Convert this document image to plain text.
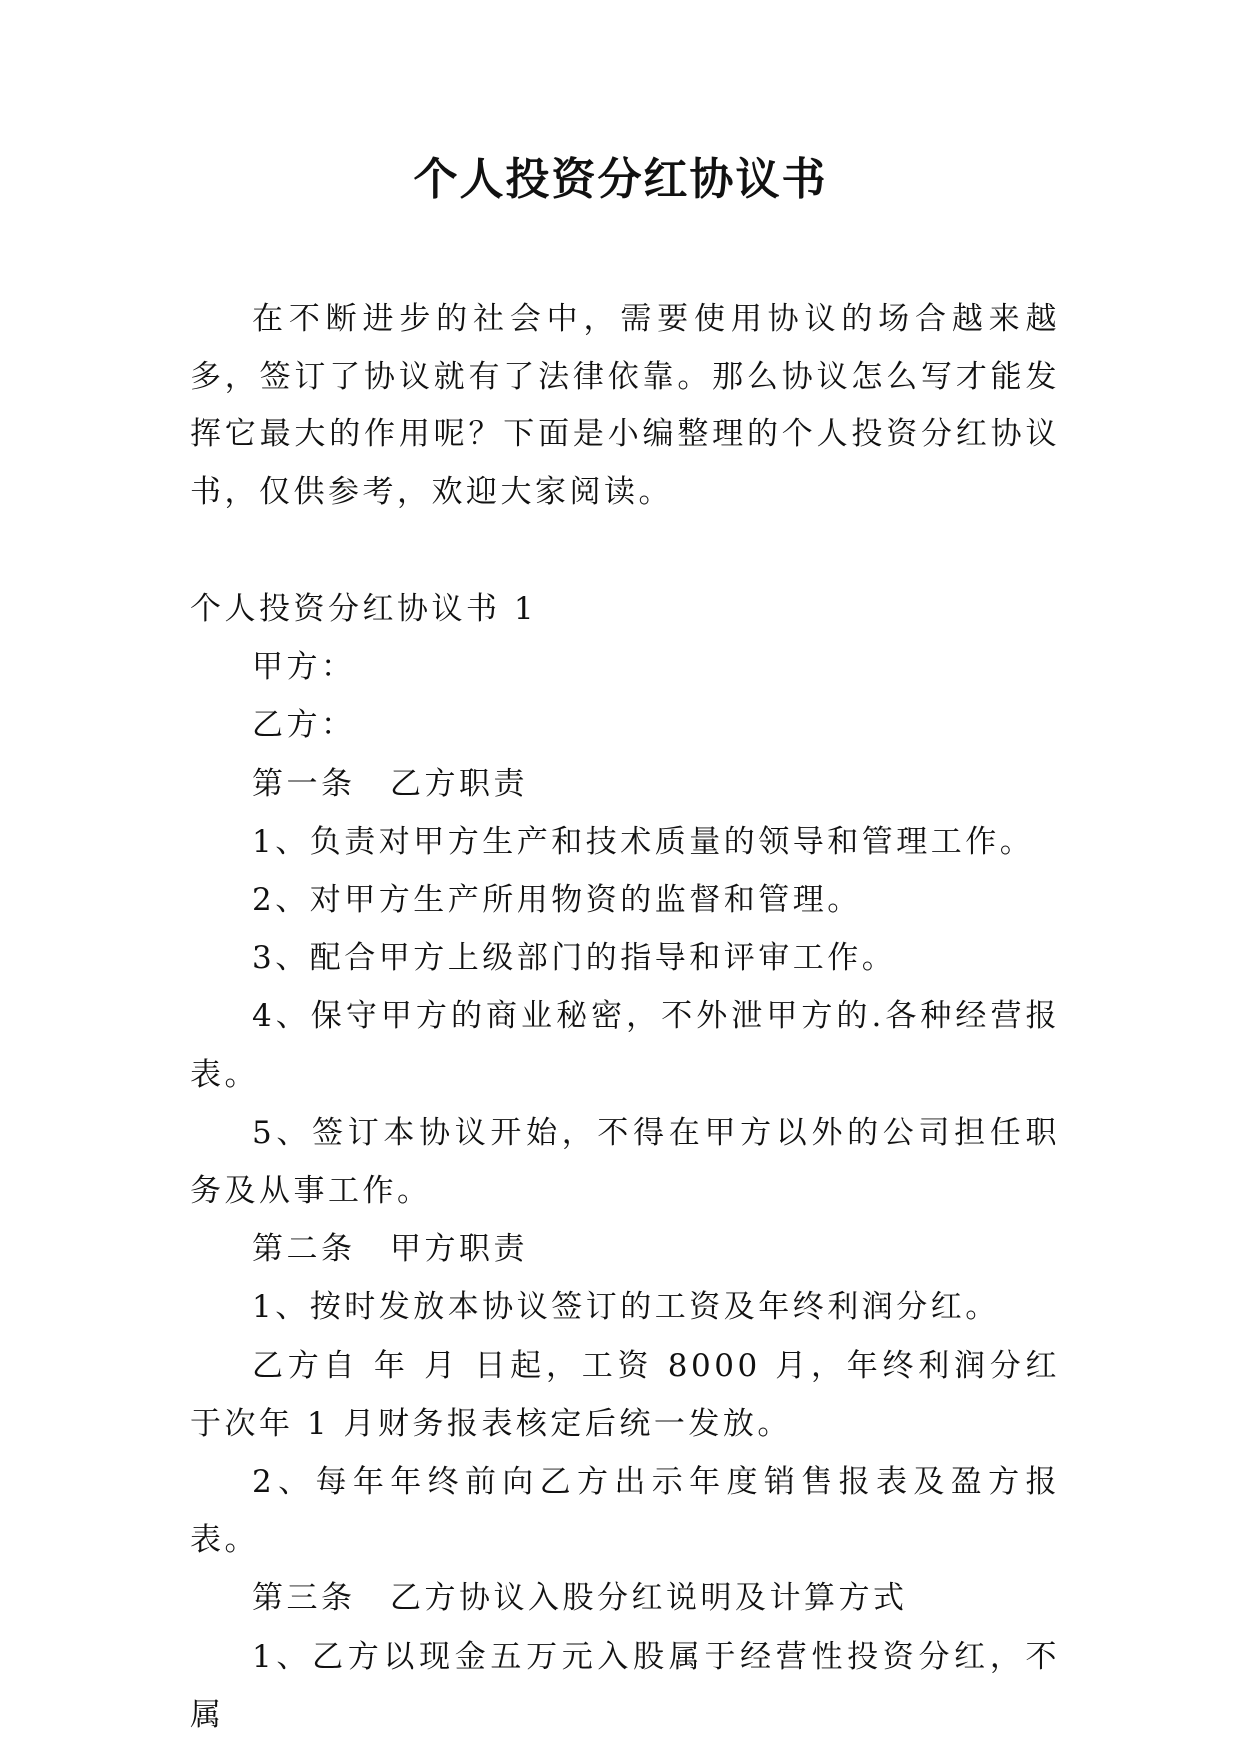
个人投资分红协议书

在不断进步的社会中，需要使用协议的场合越来越多，签订了协议就有了法律依靠。那么协议怎么写才能发挥它最大的作用呢？下面是小编整理的个人投资分红协议书，仅供参考，欢迎大家阅读。

个人投资分红协议书 1

甲方：

乙方：

第一条　乙方职责

1、负责对甲方生产和技术质量的领导和管理工作。

2、对甲方生产所用物资的监督和管理。

3、配合甲方上级部门的指导和评审工作。

4、保守甲方的商业秘密，不外泄甲方的.各种经营报表。

5、签订本协议开始，不得在甲方以外的公司担任职务及从事工作。

第二条　甲方职责

1、按时发放本协议签订的工资及年终利润分红。

乙方自 年 月 日起，工资 8000 月，年终利润分红于次年 1 月财务报表核定后统一发放。

2、每年年终前向乙方出示年度销售报表及盈方报表。

第三条　乙方协议入股分红说明及计算方式

1、乙方以现金五万元入股属于经营性投资分红，不属
